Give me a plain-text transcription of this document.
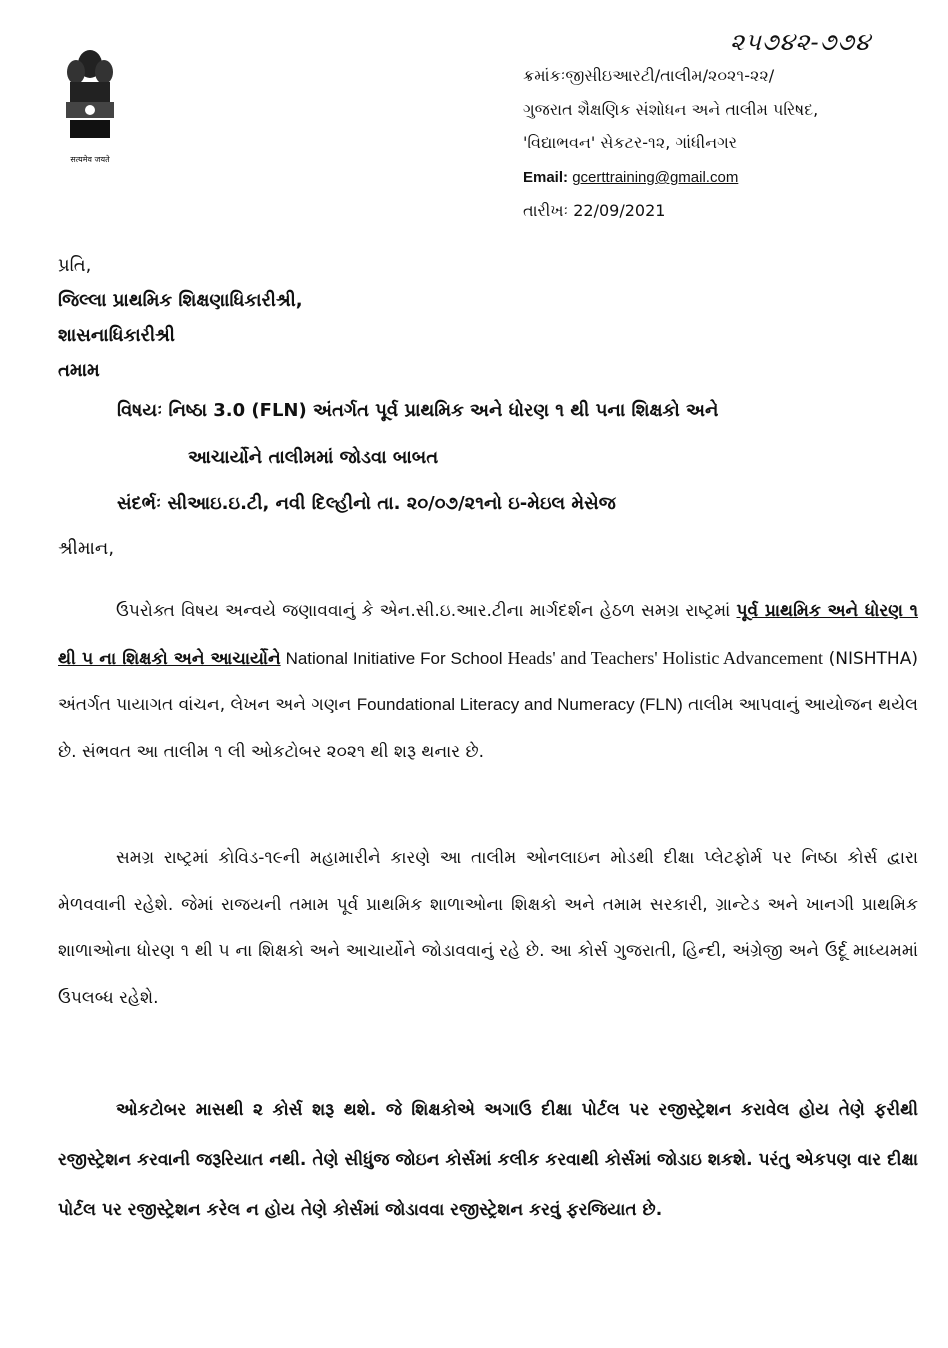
सत्यमेव जयते
૨૫૭૪૨-૭૭૪
ક્રમાંકઃજીસીઇઆરટી/તાલીમ/૨૦૨૧-૨૨/
ગુજરાત શૈક્ષણિક સંશોધન અને તાલીમ પરિષદ,
'વિદ્યાભવન' સેકટર-૧૨, ગાંધીનગર
Email: gcerttraining@gmail.com
તારીખઃ 22/09/2021
પ્રતિ,
જિલ્લા પ્રાથમિક શિક્ષણાધિકારીશ્રી,
શાસનાધિકારીશ્રી
તમામ
વિષયઃ નિષ્ઠા 3.0 (FLN) અંતર્ગત પૂર્વ પ્રાથમિક અને ધોરણ ૧ થી ૫ના શિક્ષકો અને
આચાર્યોને તાલીમમાં જોડવા બાબત
સંદર્ભઃ સીઆઇ.ઇ.ટી, નવી દિલ્હીનો તા. ૨૦/૦૭/૨૧નો ઇ-મેઇલ મેસેજ
શ્રીમાન,
ઉપરોક્ત વિષય અન્વયે જણાવવાનું કે એન.સી.ઇ.આર.ટીના માર્ગદર્શન હેઠળ સમગ્ર રાષ્ટ્રમાં પૂર્વ પ્રાથમિક અને ધોરણ ૧ થી ૫ ના શિક્ષકો અને આચાર્યોને National Initiative For School Heads' and Teachers' Holistic Advancement (NISHTHA) અંતર્ગત પાયાગત વાંચન, લેખન અને ગણન Foundational Literacy and Numeracy (FLN) તાલીમ આપવાનું આયોજન થયેલ છે. સંભવત આ તાલીમ ૧ લી ઓકટોબર ૨૦૨૧ થી શરૂ થનાર છે.
સમગ્ર રાષ્ટ્રમાં કોવિડ-૧૯ની મહામારીને કારણે આ તાલીમ ઓનલાઇન મોડથી દીક્ષા પ્લેટફોર્મ પર નિષ્ઠા કોર્સ દ્વારા મેળવવાની રહેશે. જેમાં રાજયની તમામ પૂર્વ પ્રાથમિક શાળાઓના શિક્ષકો અને તમામ સરકારી, ગ્રાન્ટેડ અને ખાનગી પ્રાથમિક શાળાઓના ધોરણ ૧ થી ૫ ના શિક્ષકો અને આચાર્યોને જોડાવવાનું રહે છે. આ કોર્સ ગુજરાતી, હિન્દી, અંગ્રેજી અને ઉર્દૂ માધ્યમમાં ઉપલબ્ધ રહેશે.
ઓકટોબર માસથી ૨ કોર્સ શરૂ થશે. જે શિક્ષકોએ અગાઉ દીક્ષા પોર્ટલ પર રજીસ્ટ્રેશન કરાવેલ હોય તેણે ફરીથી રજીસ્ટ્રેશન કરવાની જરૂરિયાત નથી. તેણે સીધુંજ જોઇન કોર્સમાં કલીક કરવાથી કોર્સમાં જોડાઇ શકશે. પરંતુ એકપણ વાર દીક્ષા પોર્ટલ પર રજીસ્ટ્રેશન કરેલ ન હોય તેણે કોર્સમાં જોડાવવા રજીસ્ટ્રેશન કરવું ફરજિયાત છે.
